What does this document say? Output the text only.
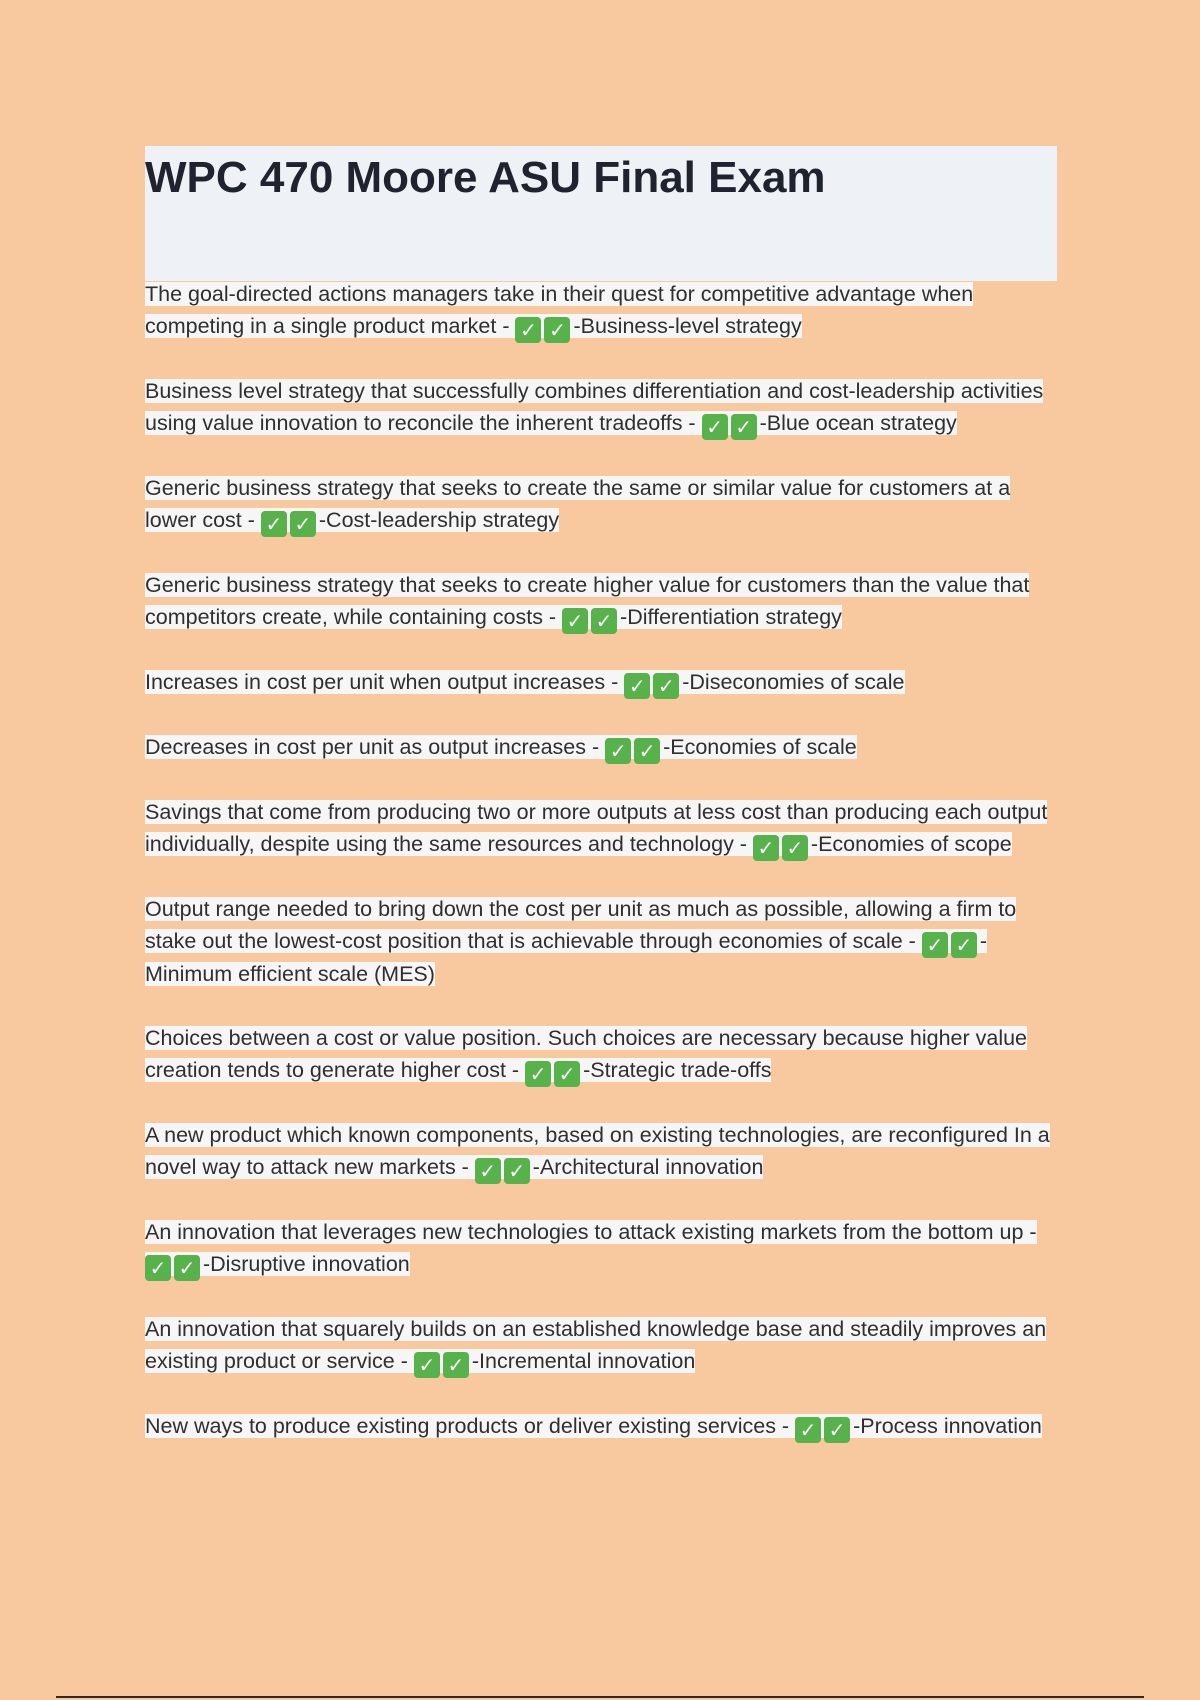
WPC 470 Moore ASU Final Exam

The goal-directed actions managers take in their quest for competitive advantage when competing in a single product market - ✓ ✓ -Business-level strategy

Business level strategy that successfully combines differentiation and cost-leadership activities using value innovation to reconcile the inherent tradeoffs - ✓ ✓ -Blue ocean strategy

Generic business strategy that seeks to create the same or similar value for customers at a lower cost - ✓ ✓ -Cost-leadership strategy

Generic business strategy that seeks to create higher value for customers than the value that competitors create, while containing costs - ✓ ✓ -Differentiation strategy

Increases in cost per unit when output increases - ✓ ✓ -Diseconomies of scale

Decreases in cost per unit as output increases - ✓ ✓ -Economies of scale

Savings that come from producing two or more outputs at less cost than producing each output individually, despite using the same resources and technology - ✓ ✓ -Economies of scope

Output range needed to bring down the cost per unit as much as possible, allowing a firm to stake out the lowest-cost position that is achievable through economies of scale - ✓ ✓ -Minimum efficient scale (MES)

Choices between a cost or value position. Such choices are necessary because higher value creation tends to generate higher cost - ✓ ✓ -Strategic trade-offs

A new product which known components, based on existing technologies, are reconfigured In a novel way to attack new markets - ✓ ✓ -Architectural innovation

An innovation that leverages new technologies to attack existing markets from the bottom up - ✓ ✓ -Disruptive innovation

An innovation that squarely builds on an established knowledge base and steadily improves an existing product or service - ✓ ✓ -Incremental innovation

New ways to produce existing products or deliver existing services - ✓ ✓ -Process innovation
